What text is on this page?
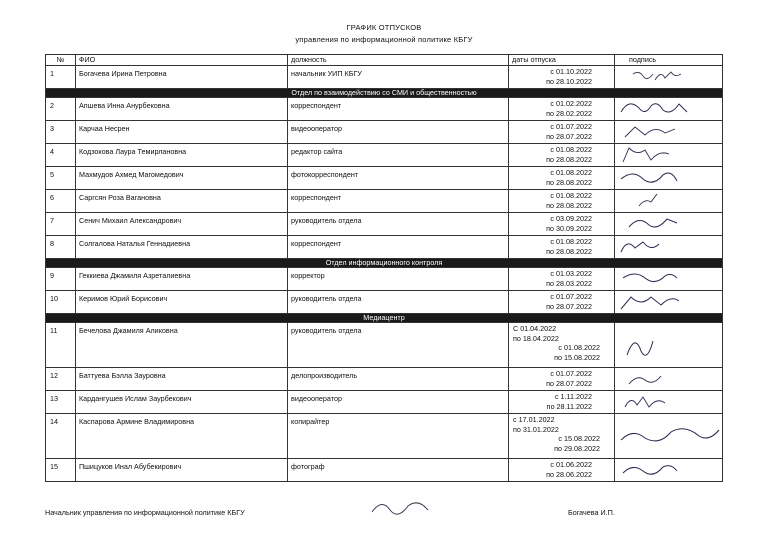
ГРАФИК ОТПУСКОВ
управления по информационной политике КБГУ
№	ФИО	должность	даты отпуска	подпись
1	Богачева Ирина Петровна	начальник УИП КБГУ	с 01.10.2022
по 28.10.2022

Отдел по взаимодействию со СМИ и общественностью				
2	Апшева Инна Анурбековна	корреспондент	с 01.02.2022
по 28.02.2022

3	Карчаа Несрен	видеооператор	с 01.07.2022
по 28.07.2022

4	Кодзокова Лаура Темирлановна	редактор сайта	с 01.08.2022
по 28.08.2022

5	Махмудов Ахмед Магомедович	фотокорреспондент	с 01.08.2022
по 28.08.2022

6	Саргсян Роза Вагановна	корреспондент	с 01.08.2022
по 28.08.2022

7	Сенич Михаил Александрович	руководитель отдела	с 03.09.2022
по 30.09.2022

8	Солгалова Наталья Геннадиевна	корреспондент	с 01.08.2022
по 28.08.2022

Отдел информационного контроля				
9	Геккиева Джамиля Азреталиевна	корректор	с 01.03.2022
по 28.03.2022

10	Керимов Юрий Борисович	руководитель отдела	с 01.07.2022
по 28.07.2022

Медиацентр				
11	Бечелова Джамиля Аликовна	руководитель отдела	С 01.04.2022
по 18.04.2022
с 01.08.2022
по 15.08.2022

12	Баттуева Бэлла Зауровна	делопроизводитель	с 01.07.2022
по 28.07.2022

13	Кардангушев Ислам Заурбекович	видеооператор	с 1.11.2022
по 28.11.2022

14	Каспарова Армине Владимировна	копирайтер	с 17.01.2022
по 31.01.2022
с 15.08.2022
по 29.08.2022

15	Пшицуков Инал Абубекирович	фотограф	с 01.06.2022
по 28.06.2022

Начальник управления по информационной политике КБГУ	Богачева И.П.
